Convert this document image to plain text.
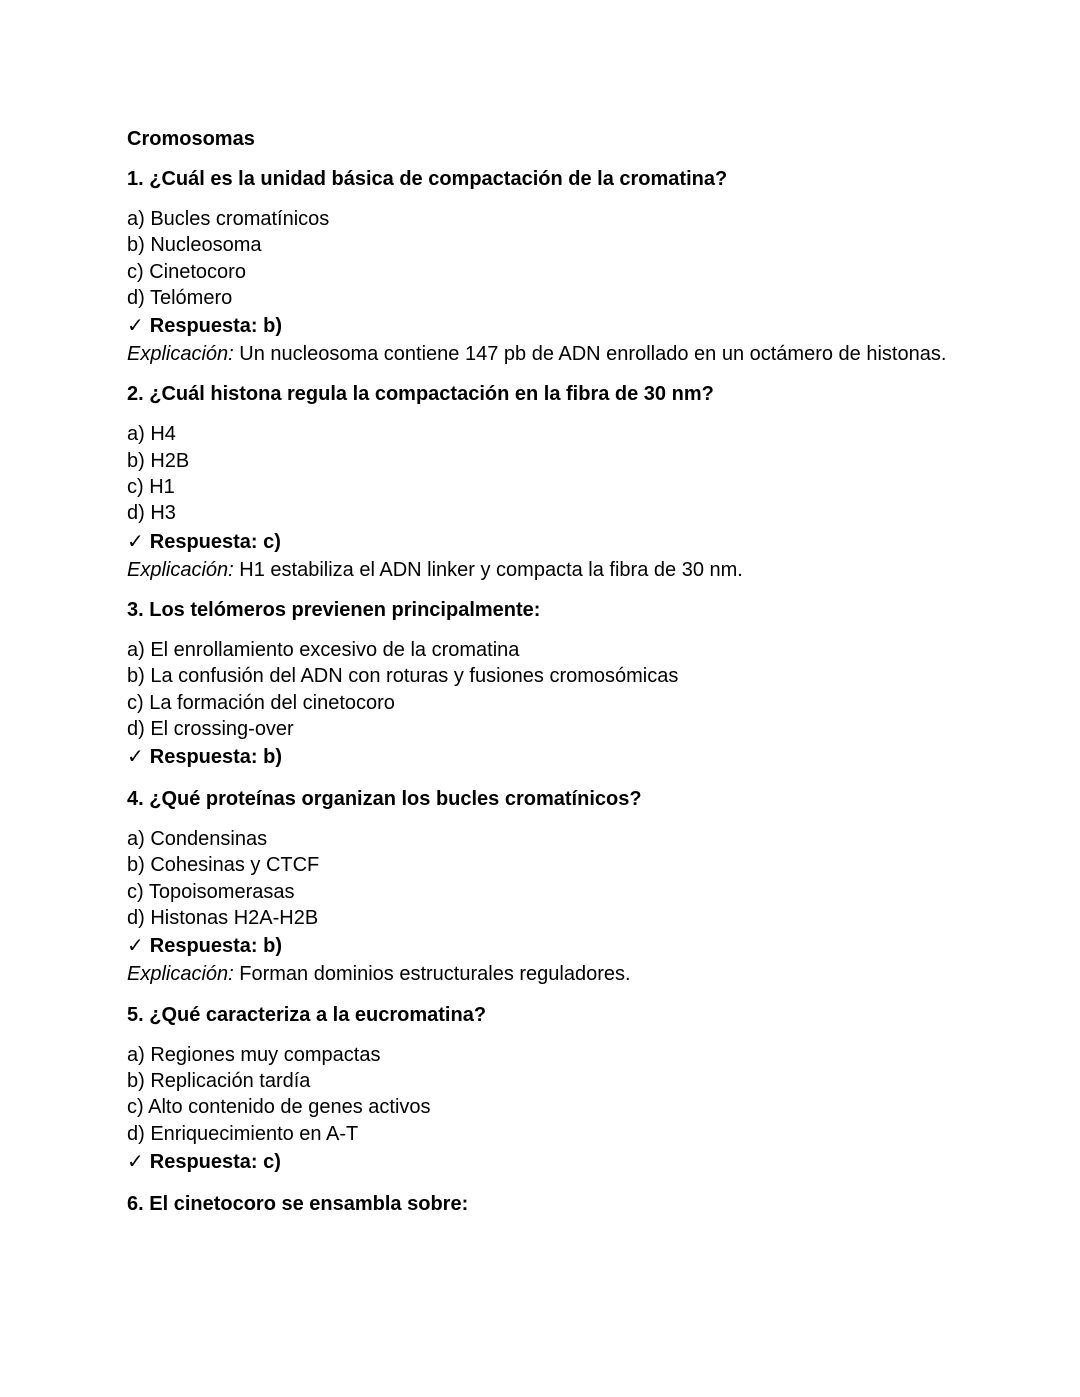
Cromosomas
1. ¿Cuál es la unidad básica de compactación de la cromatina?
a) Bucles cromatínicos
b) Nucleosoma
c) Cinetocoro
d) Telómero
✓ Respuesta: b)
Explicación: Un nucleosoma contiene 147 pb de ADN enrollado en un octámero de histonas.
2. ¿Cuál histona regula la compactación en la fibra de 30 nm?
a) H4
b) H2B
c) H1
d) H3
✓ Respuesta: c)
Explicación: H1 estabiliza el ADN linker y compacta la fibra de 30 nm.
3. Los telómeros previenen principalmente:
a) El enrollamiento excesivo de la cromatina
b) La confusión del ADN con roturas y fusiones cromosómicas
c) La formación del cinetocoro
d) El crossing-over
✓ Respuesta: b)
4. ¿Qué proteínas organizan los bucles cromatínicos?
a) Condensinas
b) Cohesinas y CTCF
c) Topoisomerasas
d) Histonas H2A-H2B
✓ Respuesta: b)
Explicación: Forman dominios estructurales reguladores.
5. ¿Qué caracteriza a la eucromatina?
a) Regiones muy compactas
b) Replicación tardía
c) Alto contenido de genes activos
d) Enriquecimiento en A-T
✓ Respuesta: c)
6. El cinetocoro se ensambla sobre:
